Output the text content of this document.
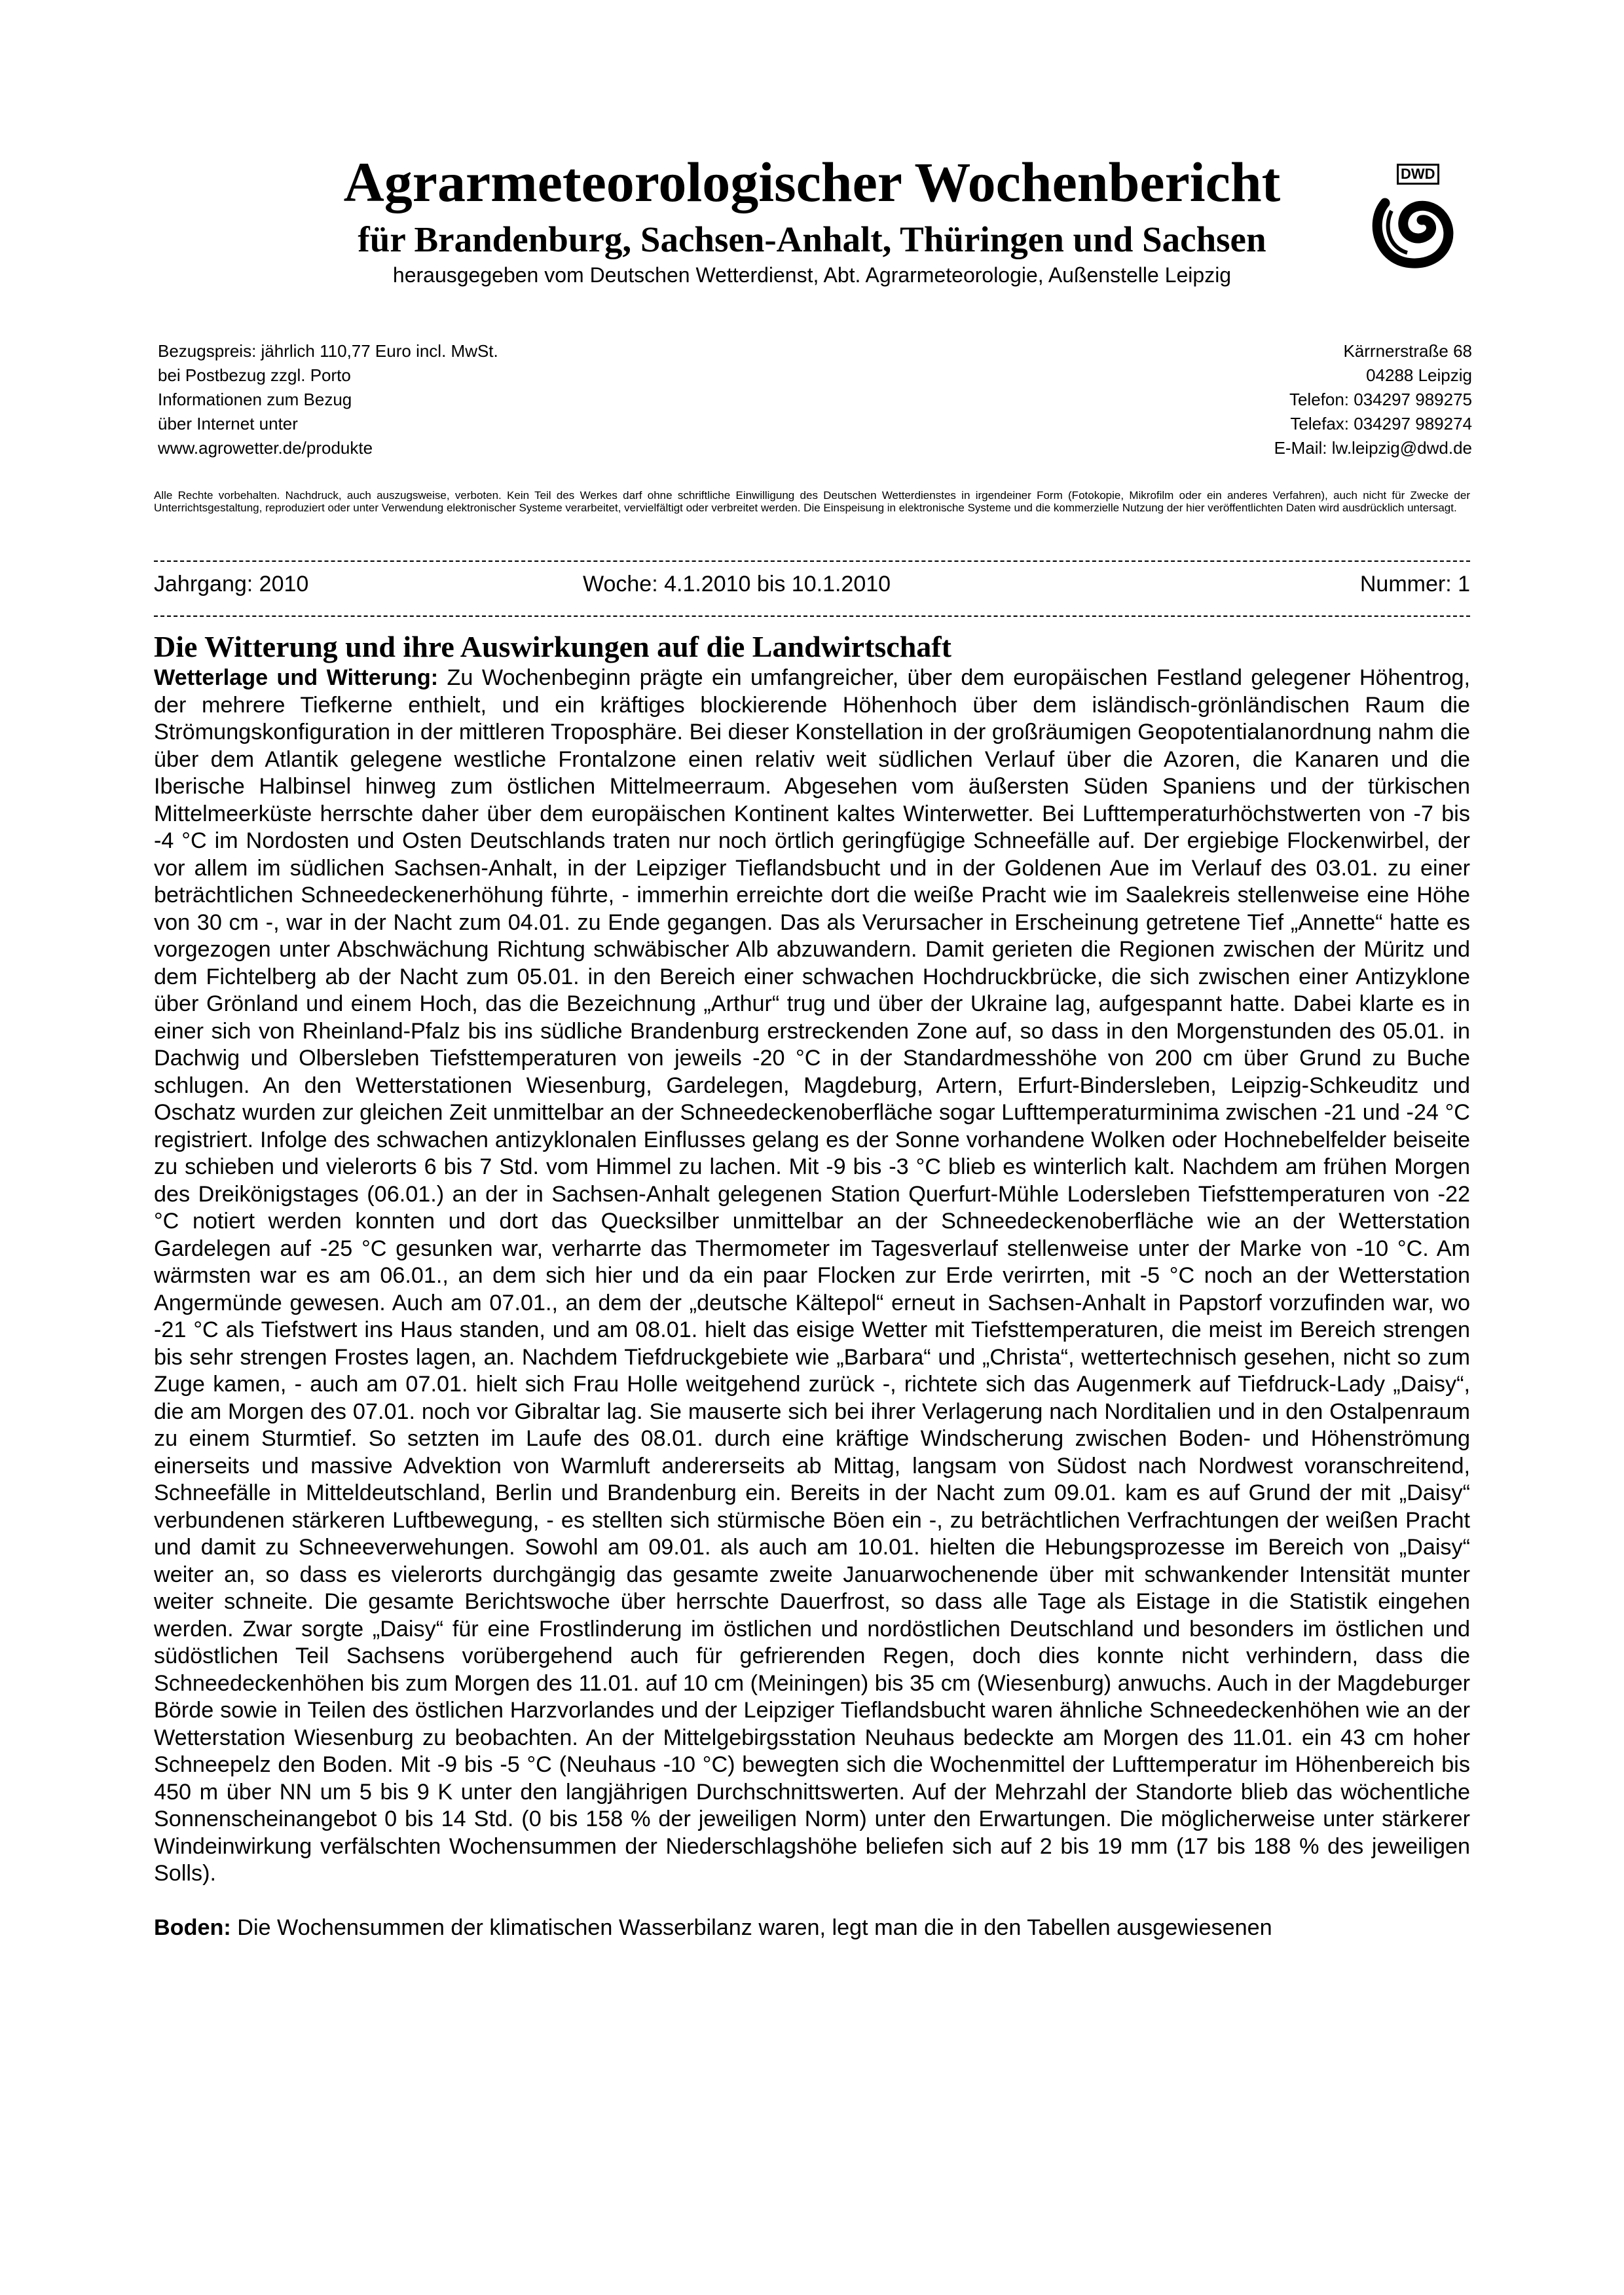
Agrarmeteorologischer Wochenbericht
für Brandenburg, Sachsen-Anhalt, Thüringen und Sachsen
herausgegeben vom Deutschen Wetterdienst, Abt. Agrarmeteorologie, Außenstelle Leipzig
DWD
Bezugspreis: jährlich 110,77 Euro incl. MwSt.
bei Postbezug zzgl. Porto
Informationen zum Bezug
über Internet unter
www.agrowetter.de/produkte
Kärrnerstraße 68
04288 Leipzig
Telefon: 034297 989275
Telefax: 034297 989274
E-Mail: lw.leipzig@dwd.de
Alle Rechte vorbehalten. Nachdruck, auch auszugsweise, verboten. Kein Teil des Werkes darf ohne schriftliche Einwilligung des Deutschen Wetterdienstes in irgendeiner Form (Fotokopie, Mikrofilm oder ein anderes Verfahren), auch nicht für Zwecke der Unterrichtsgestaltung, reproduziert oder unter Verwendung elektronischer Systeme verarbeitet, vervielfältigt oder verbreitet werden. Die Einspeisung in elektronische Systeme und die kommerzielle Nutzung der hier veröffentlichten Daten wird ausdrücklich untersagt.
Jahrgang: 2010	Woche: 4.1.2010 bis 10.1.2010	Nummer: 1
Die Witterung und ihre Auswirkungen auf die Landwirtschaft

Wetterlage und Witterung: Zu Wochenbeginn prägte ein umfangreicher, über dem europäischen Festland gelegener Höhentrog, der mehrere Tiefkerne enthielt, und ein kräftiges blockierende Höhenhoch über dem isländisch-grönländischen Raum die Strömungskonfiguration in der mittleren Troposphäre. Bei dieser Konstellation in der großräumigen Geopotentialanordnung nahm die über dem Atlantik gelegene westliche Frontalzone einen relativ weit südlichen Verlauf über die Azoren, die Kanaren und die Iberische Halbinsel hinweg zum östlichen Mittelmeerraum. Abgesehen vom äußersten Süden Spaniens und der türkischen Mittelmeerküste herrschte daher über dem europäischen Kontinent kaltes Winterwetter. Bei Lufttemperaturhöchstwerten von -7 bis -4 °C im Nordosten und Osten Deutschlands traten nur noch örtlich geringfügige Schneefälle auf. Der ergiebige Flockenwirbel, der vor allem im südlichen Sachsen-Anhalt, in der Leipziger Tieflandsbucht und in der Goldenen Aue im Verlauf des 03.01. zu einer beträchtlichen Schneedeckenerhöhung führte, - immerhin erreichte dort die weiße Pracht wie im Saalekreis stellenweise eine Höhe von 30 cm -, war in der Nacht zum 04.01. zu Ende gegangen. Das als Verursacher in Erscheinung getretene Tief „Annette“ hatte es vorgezogen unter Abschwächung Richtung schwäbischer Alb abzuwandern. Damit gerieten die Regionen zwischen der Müritz und dem Fichtelberg ab der Nacht zum 05.01. in den Bereich einer schwachen Hochdruckbrücke, die sich zwischen einer Antizyklone über Grönland und einem Hoch, das die Bezeichnung „Arthur“ trug und über der Ukraine lag, aufgespannt hatte. Dabei klarte es in einer sich von Rheinland-Pfalz bis ins südliche Brandenburg erstreckenden Zone auf, so dass in den Morgenstunden des 05.01. in Dachwig und Olbersleben Tiefsttemperaturen von jeweils -20 °C in der Standardmesshöhe von 200 cm über Grund zu Buche schlugen. An den Wetterstationen Wiesenburg, Gardelegen, Magdeburg, Artern, Erfurt-Bindersleben, Leipzig-Schkeuditz und Oschatz wurden zur gleichen Zeit unmittelbar an der Schneedeckenoberfläche sogar Lufttemperaturminima zwischen -21 und -24 °C registriert. Infolge des schwachen antizyklonalen Einflusses gelang es der Sonne vorhandene Wolken oder Hochnebelfelder beiseite zu schieben und vielerorts 6 bis 7 Std. vom Himmel zu lachen. Mit -9 bis -3 °C blieb es winterlich kalt. Nachdem am frühen Morgen des Dreikönigstages (06.01.) an der in Sachsen-Anhalt gelegenen Station Querfurt-Mühle Lodersleben Tiefsttemperaturen von -22 °C notiert werden konnten und dort das Quecksilber unmittelbar an der Schneedeckenoberfläche wie an der Wetterstation Gardelegen auf -25 °C gesunken war, verharrte das Thermometer im Tagesverlauf stellenweise unter der Marke von -10 °C. Am wärmsten war es am 06.01., an dem sich hier und da ein paar Flocken zur Erde verirrten, mit -5 °C noch an der Wetterstation Angermünde gewesen. Auch am 07.01., an dem der „deutsche Kältepol“ erneut in Sachsen-Anhalt in Papstorf vorzufinden war, wo -21 °C als Tiefstwert ins Haus standen, und am 08.01. hielt das eisige Wetter mit Tiefsttemperaturen, die meist im Bereich strengen bis sehr strengen Frostes lagen, an. Nachdem Tiefdruckgebiete wie „Barbara“ und „Christa“, wettertechnisch gesehen, nicht so zum Zuge kamen, - auch am 07.01. hielt sich Frau Holle weitgehend zurück -, richtete sich das Augenmerk auf Tiefdruck-Lady „Daisy“, die am Morgen des 07.01. noch vor Gibraltar lag. Sie mauserte sich bei ihrer Verlagerung nach Norditalien und in den Ostalpenraum zu einem Sturmtief. So setzten im Laufe des 08.01. durch eine kräftige Windscherung zwischen Boden- und Höhenströmung einerseits und massive Advektion von Warmluft andererseits ab Mittag, langsam von Südost nach Nordwest voranschreitend, Schneefälle in Mitteldeutschland, Berlin und Brandenburg ein. Bereits in der Nacht zum 09.01. kam es auf Grund der mit „Daisy“ verbundenen stärkeren Luftbewegung, - es stellten sich stürmische Böen ein -, zu beträchtlichen Verfrachtungen der weißen Pracht und damit zu Schneeverwehungen. Sowohl am 09.01. als auch am 10.01. hielten die Hebungsprozesse im Bereich von „Daisy“ weiter an, so dass es vielerorts durchgängig das gesamte zweite Januarwochenende über mit schwankender Intensität munter weiter schneite. Die gesamte Berichtswoche über herrschte Dauerfrost, so dass alle Tage als Eistage in die Statistik eingehen werden. Zwar sorgte „Daisy“ für eine Frostlinderung im östlichen und nordöstlichen Deutschland und besonders im östlichen und südöstlichen Teil Sachsens vorübergehend auch für gefrierenden Regen, doch dies konnte nicht verhindern, dass die Schneedeckenhöhen bis zum Morgen des 11.01. auf 10 cm (Meiningen) bis 35 cm (Wiesenburg) anwuchs. Auch in der Magdeburger Börde sowie in Teilen des östlichen Harzvorlandes und der Leipziger Tieflandsbucht waren ähnliche Schneedeckenhöhen wie an der Wetterstation Wiesenburg zu beobachten. An der Mittelgebirgsstation Neuhaus bedeckte am Morgen des 11.01. ein 43 cm hoher Schneepelz den Boden. Mit -9 bis -5 °C (Neuhaus -10 °C) bewegten sich die Wochenmittel der Lufttemperatur im Höhenbereich bis 450 m über NN um 5 bis 9 K unter den langjährigen Durchschnittswerten. Auf der Mehrzahl der Standorte blieb das wöchentliche Sonnenscheinangebot 0 bis 14 Std. (0 bis 158 % der jeweiligen Norm) unter den Erwartungen. Die möglicherweise unter stärkerer Windeinwirkung verfälschten Wochensummen der Niederschlagshöhe beliefen sich auf 2 bis 19 mm (17 bis 188 % des jeweiligen Solls).

Boden: Die Wochensummen der klimatischen Wasserbilanz waren, legt man die in den Tabellen ausgewiesenen
